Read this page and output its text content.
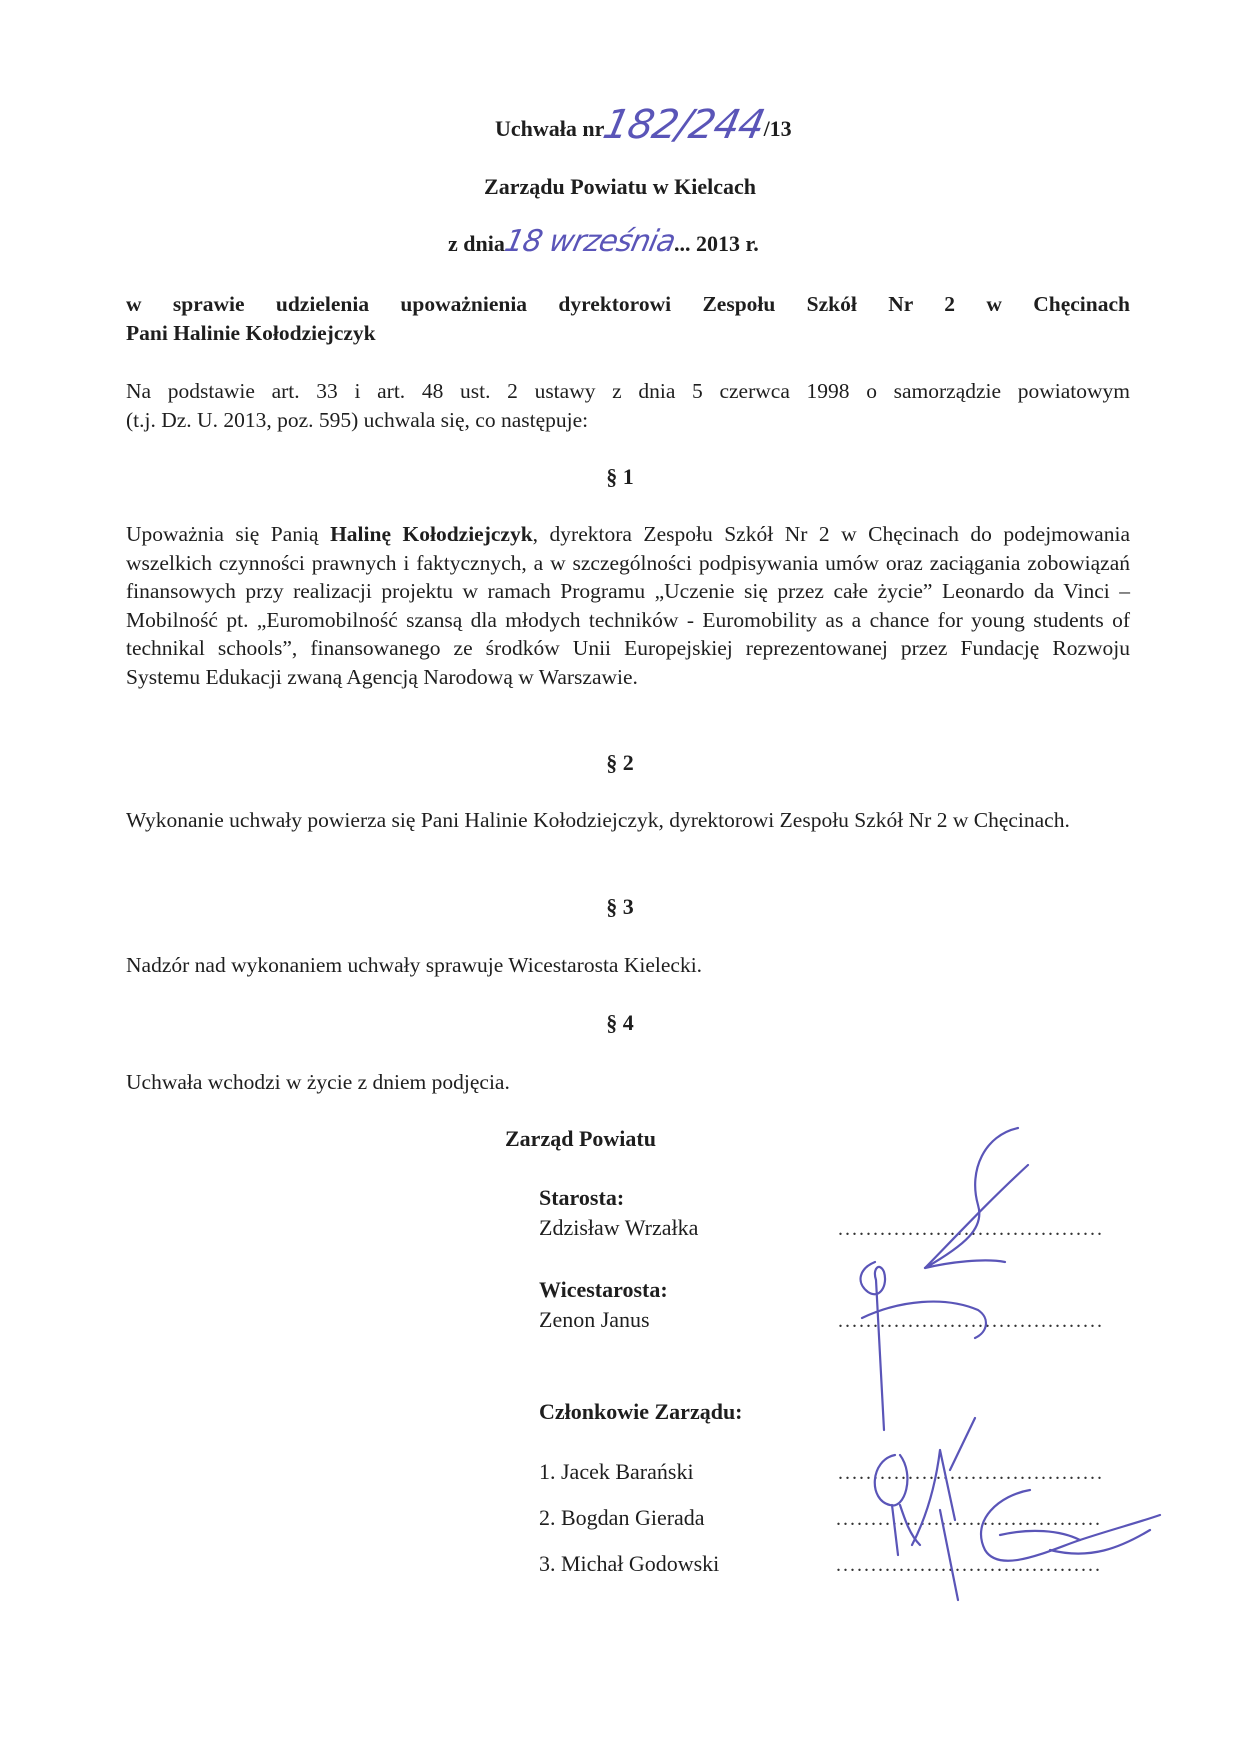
Uchwała nr182/244/13
Zarządu Powiatu w Kielcach
z dnia18 września... 2013 r.
w sprawie udzielenia upoważnienia dyrektorowi Zespołu Szkół Nr 2 w Chęcinach
Pani Halinie Kołodziejczyk
Na podstawie art. 33 i art. 48 ust. 2 ustawy z dnia 5 czerwca 1998 o samorządzie powiatowym
(t.j. Dz. U. 2013, poz. 595) uchwala się, co następuje:
§ 1
Upoważnia się Panią Halinę Kołodziejczyk, dyrektora Zespołu Szkół Nr 2 w Chęcinach do podejmowania wszelkich czynności prawnych i faktycznych, a w szczególności podpisywania umów oraz zaciągania zobowiązań finansowych przy realizacji projektu w ramach Programu „Uczenie się przez całe życie” Leonardo da Vinci – Mobilność pt. „Euromobilność szansą dla młodych techników - Euromobility as a chance for young students of technikal schools”, finansowanego ze środków Unii Europejskiej reprezentowanej przez Fundację Rozwoju Systemu Edukacji zwaną Agencją Narodową w Warszawie.
§ 2
Wykonanie uchwały powierza się Pani Halinie Kołodziejczyk, dyrektorowi Zespołu Szkół Nr 2 w Chęcinach.
§ 3
Nadzór nad wykonaniem uchwały sprawuje Wicestarosta Kielecki.
§ 4
Uchwała wchodzi w życie z dniem podjęcia.
Zarząd Powiatu
Starosta:
Zdzisław Wrzałka	......................................
Wicestarosta:
Zenon Janus	......................................
Członkowie Zarządu:
1. Jacek Barański	......................................
2. Bogdan Gierada	......................................
3. Michał Godowski	......................................
